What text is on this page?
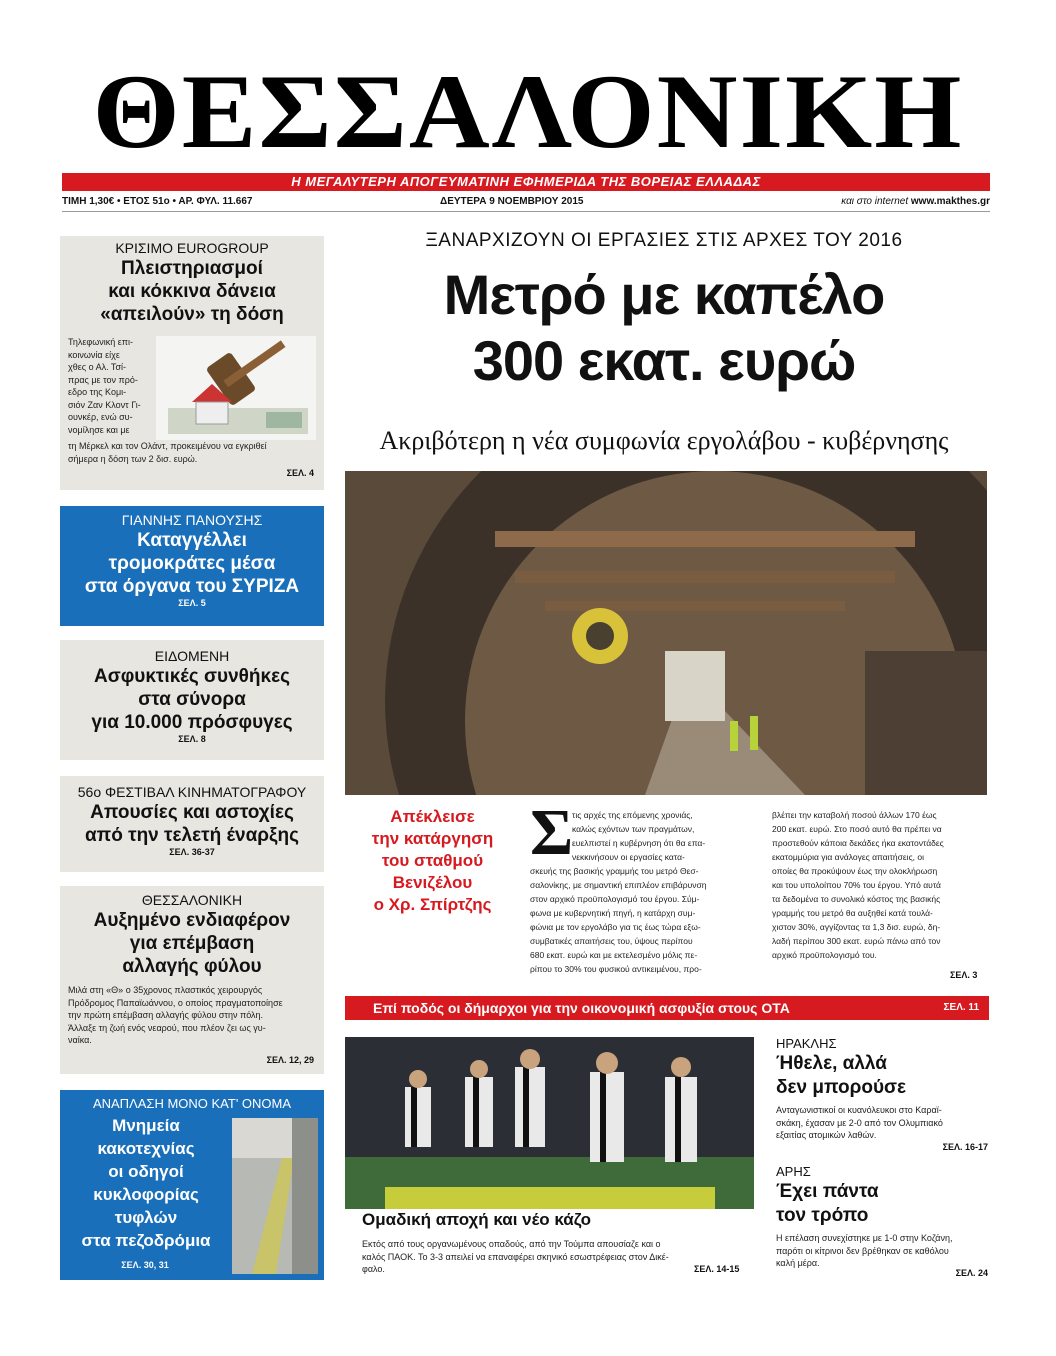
ΘΕΣΣΑΛΟΝΙΚΗ
Η ΜΕΓΑΛΥΤΕΡΗ ΑΠΟΓΕΥΜΑΤΙΝΗ ΕΦΗΜΕΡΙΔΑ ΤΗΣ ΒΟΡΕΙΑΣ ΕΛΛΑΔΑΣ
ΤΙΜΗ 1,30€ • ΕΤΟΣ 51ο • ΑΡ. ΦΥΛ. 11.667	ΔΕΥΤΕΡΑ 9 ΝΟΕΜΒΡΙΟΥ 2015	και στο internet www.makthes.gr
ΚΡΙΣΙΜΟ EUROGROUP
Πλειστηριασμοί
και κόκκινα δάνεια
«απειλούν» τη δόση
Τηλεφωνική επι-
κοινωνία είχε
χθες ο Αλ. Τσί-
πρας με τον πρό-
εδρο της Κομι-
σιόν Ζαν Κλοντ Γι-
ουνκέρ, ενώ συ-
νομίλησε και με
τη Μέρκελ και τον Ολάντ, προκειμένου να εγκριθεί
σήμερα η δόση των 2 δισ. ευρώ.
ΣΕΛ. 4
ΓΙΑΝΝΗΣ ΠΑΝΟΥΣΗΣ
Καταγγέλλει
τρομοκράτες μέσα
στα όργανα του ΣΥΡΙΖΑ
ΣΕΛ. 5
ΕΙΔΟΜΕΝΗ
Ασφυκτικές συνθήκες
στα σύνορα
για 10.000 πρόσφυγες
ΣΕΛ. 8
56ο ΦΕΣΤΙΒΑΛ ΚΙΝΗΜΑΤΟΓΡΑΦΟΥ
Απουσίες και αστοχίες
από την τελετή έναρξης
ΣΕΛ. 36-37
ΘΕΣΣΑΛΟΝΙΚΗ
Αυξημένο ενδιαφέρον
για επέμβαση
αλλαγής φύλου
Μιλά στη «Θ» ο 35χρονος πλαστικός χειρουργός
Πρόδρομος Παπαϊωάννου, ο οποίος πραγματοποίησε
την πρώτη επέμβαση αλλαγής φύλου στην πόλη.
Άλλαξε τη ζωή ενός νεαρού, που πλέον ζει ως γυ-
ναίκα.
ΣΕΛ. 12, 29
ΑΝΑΠΛΑΣΗ ΜΟΝΟ ΚΑΤ' ΟΝΟΜΑ
Μνημεία
κακοτεχνίας
οι οδηγοί
κυκλοφορίας
τυφλών
στα πεζοδρόμια
ΣΕΛ. 30, 31
ΞΑΝΑΡΧΙΖΟΥΝ ΟΙ ΕΡΓΑΣΙΕΣ ΣΤΙΣ ΑΡΧΕΣ ΤΟΥ 2016
Μετρό με καπέλο
300 εκατ. ευρώ
Ακριβότερη η νέα συμφωνία εργολάβου - κυβέρνησης
Απέκλεισε
την κατάργηση
του σταθμού
Βενιζέλου
ο Χρ. Σπίρτζης
Σ
τις αρχές της επόμενης χρονιάς,
καλώς εχόντων των πραγμάτων,
ευελπιστεί η κυβέρνηση ότι θα επα-
νεκκινήσουν οι εργασίες κατα-
σκευής της βασικής γραμμής του μετρό Θεσ-
σαλονίκης, με σημαντική επιπλέον επιβάρυνση
στον αρχικό προϋπολογισμό του έργου. Σύμ-
φωνα με κυβερνητική πηγή, η κατάρχη συμ-
φώνια με τον εργολάβο για τις έως τώρα εξω-
συμβατικές απαιτήσεις του, ύψους περίπου
680 εκατ. ευρώ και με εκτελεσμένο μόλις πε-
ρίπου το 30% του φυσικού αντικειμένου, προ-
βλέπει την καταβολή ποσού άλλων 170 έως
200 εκατ. ευρώ. Στο ποσό αυτό θα πρέπει να
προστεθούν κάποια δεκάδες ήκα εκατοντάδες
εκατομμύρια για ανάλογες απαιτήσεις, οι
οποίες θα προκύψουν έως την ολοκλήρωση
και του υπολοίπου 70% του έργου. Υπό αυτά
τα δεδομένα το συνολικό κόστος της βασικής
γραμμής του μετρό θα αυξηθεί κατά τουλά-
χιστον 30%, αγγίζοντας τα 1,3 δισ. ευρώ, δη-
λαδή περίπου 300 εκατ. ευρώ πάνω από τον
αρχικό προϋπολογισμό του.
ΣΕΛ. 3
Επί ποδός οι δήμαρχοι για την οικονομική ασφυξία στους ΟΤΑ	ΣΕΛ. 11
Ομαδική αποχή και νέο κάζο
Εκτός από τους οργανωμένους οπαδούς, από την Τούμπα απουσίαζε και ο
καλός ΠΑΟΚ. Το 3-3 απειλεί να επαναφέρει σκηνικό εσωστρέφειας στον Δικέ-
φαλο.	ΣΕΛ. 14-15
ΗΡΑΚΛΗΣ
Ήθελε, αλλά
δεν μπορούσε
Ανταγωνιστικοί οι κυανόλευκοι στο Καραϊ-
σκάκη, έχασαν με 2-0 από τον Ολυμπιακό
εξαιτίας ατομικών λαθών.
ΣΕΛ. 16-17
ΑΡΗΣ
Έχει πάντα
τον τρόπο
Η επέλαση συνεχίστηκε με 1-0 στην Κοζάνη,
παρότι οι κίτρινοι δεν βρέθηκαν σε καθόλου
καλή μέρα.
ΣΕΛ. 24
